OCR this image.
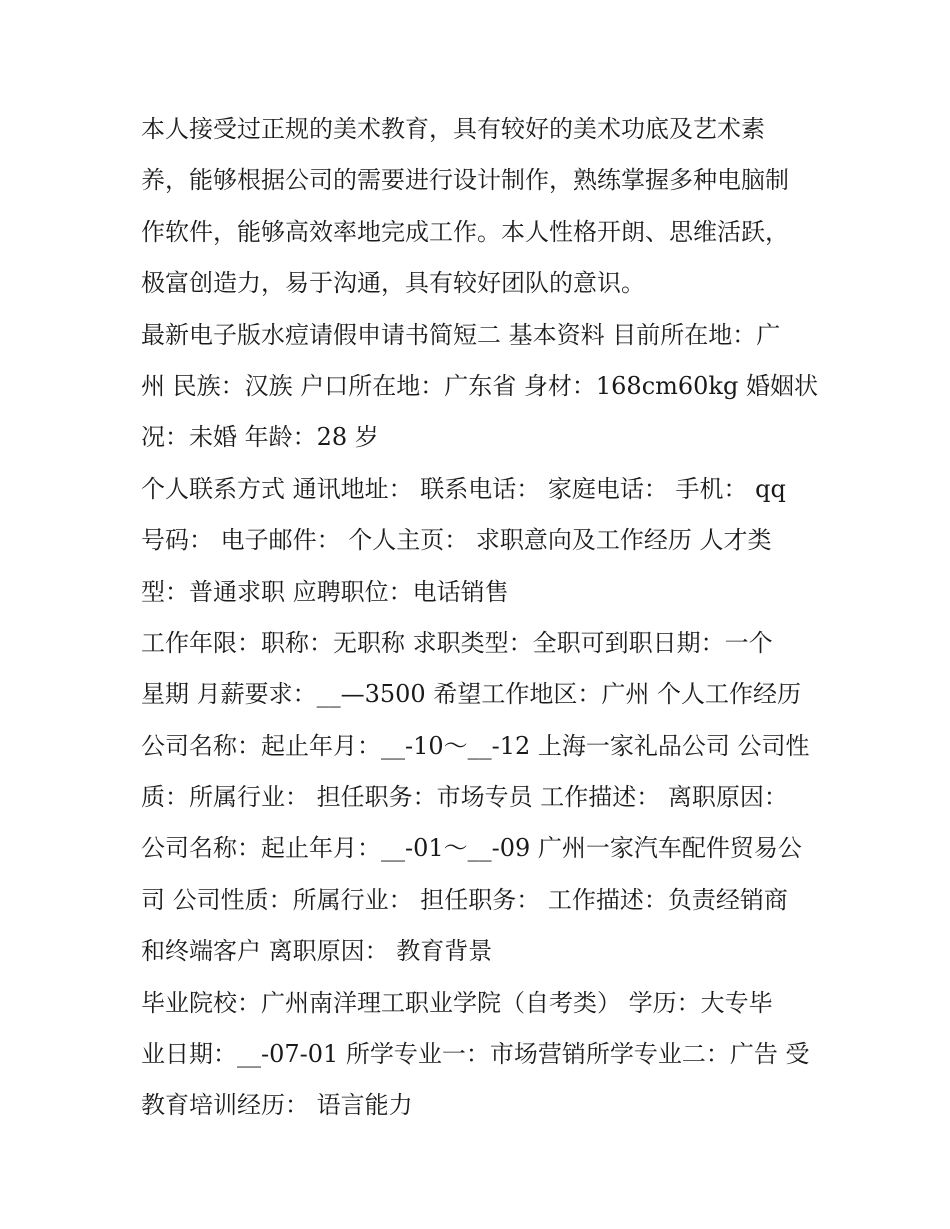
本人接受过正规的美术教育，具有较好的美术功底及艺术素
养，能够根据公司的需要进行设计制作，熟练掌握多种电脑制
作软件，能够高效率地完成工作。本人性格开朗、思维活跃，
极富创造力，易于沟通，具有较好团队的意识。

最新电子版水痘请假申请书简短二 基本资料 目前所在地：广
州 民族：汉族 户口所在地：广东省 身材：168cm60kg 婚姻状
况：未婚 年龄：28 岁

个人联系方式 通讯地址： 联系电话： 家庭电话： 手机： qq
号码： 电子邮件： 个人主页： 求职意向及工作经历 人才类
型：普通求职 应聘职位：电话销售

工作年限：职称：无职称 求职类型：全职可到职日期：一个
星期 月薪要求：__—3500 希望工作地区：广州 个人工作经历
公司名称：起止年月：__-10～__-12 上海一家礼品公司 公司性
质：所属行业： 担任职务：市场专员 工作描述： 离职原因：
公司名称：起止年月：__-01～__-09 广州一家汽车配件贸易公
司 公司性质：所属行业： 担任职务： 工作描述：负责经销商
和终端客户 离职原因： 教育背景

毕业院校：广州南洋理工职业学院（自考类） 学历：大专毕
业日期：__-07-01 所学专业一：市场营销所学专业二：广告 受
教育培训经历： 语言能力
